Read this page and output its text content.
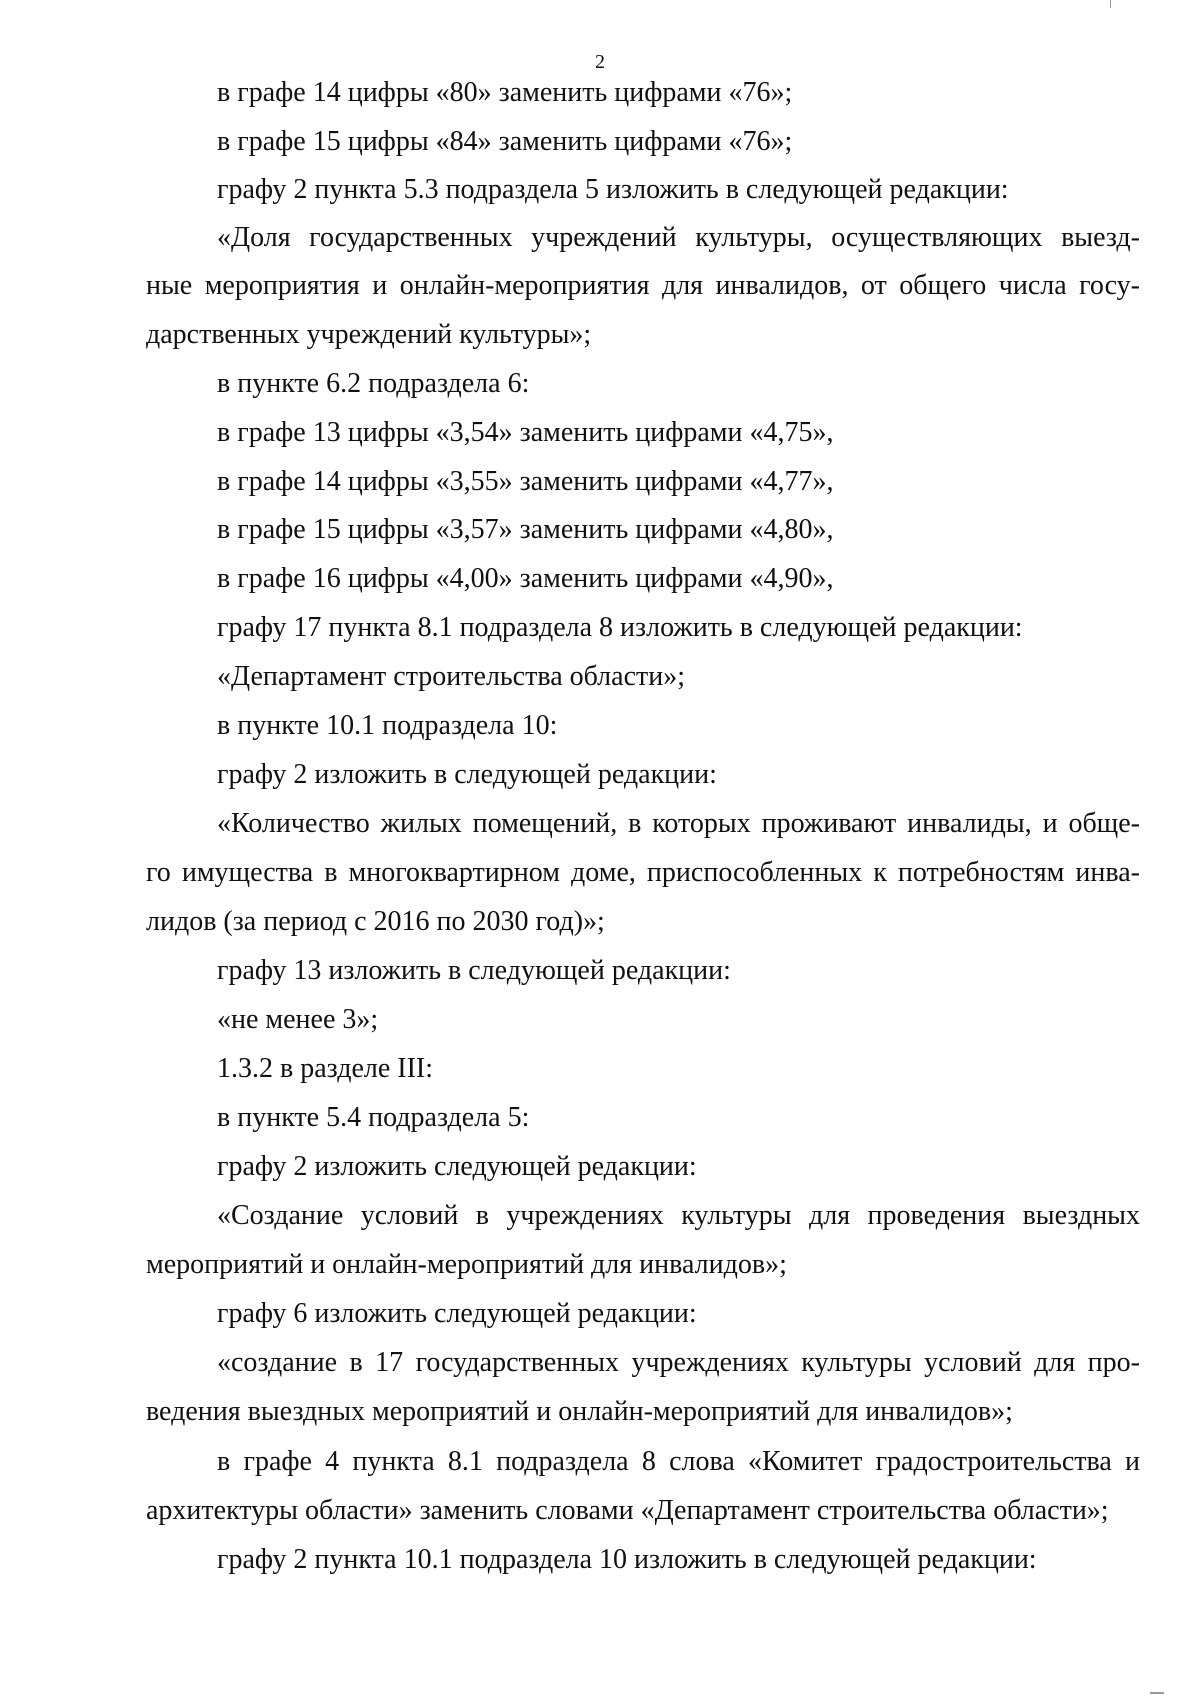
2
в графе 14 цифры «80» заменить цифрами «76»;
в графе 15 цифры «84» заменить цифрами «76»;
графу 2 пункта 5.3 подраздела 5 изложить в следующей редакции:
«Доля государственных учреждений культуры, осуществляющих выезд-
ные мероприятия и онлайн-мероприятия для инвалидов, от общего числа госу-
дарственных учреждений культуры»;
в пункте 6.2 подраздела 6:
в графе 13 цифры «3,54» заменить цифрами «4,75»,
в графе 14 цифры «3,55» заменить цифрами «4,77»,
в графе 15 цифры «3,57» заменить цифрами «4,80»,
в графе 16 цифры «4,00» заменить цифрами «4,90»,
графу 17 пункта 8.1 подраздела 8 изложить в следующей редакции:
«Департамент строительства области»;
в пункте 10.1 подраздела 10:
графу 2 изложить в следующей редакции:
«Количество жилых помещений, в которых проживают инвалиды, и обще-
го имущества в многоквартирном доме, приспособленных к потребностям инва-
лидов (за период с 2016 по 2030 год)»;
графу 13 изложить в следующей редакции:
«не менее 3»;
1.3.2 в разделе III:
в пункте 5.4 подраздела 5:
графу 2 изложить следующей редакции:
«Создание условий в учреждениях культуры для проведения выездных
мероприятий и онлайн-мероприятий для инвалидов»;
графу 6 изложить следующей редакции:
«создание в 17 государственных учреждениях культуры условий для про-
ведения выездных мероприятий и онлайн-мероприятий для инвалидов»;
в графе 4 пункта 8.1 подраздела 8 слова «Комитет градостроительства и
архитектуры области» заменить словами «Департамент строительства области»;
графу 2 пункта 10.1 подраздела 10 изложить в следующей редакции:
